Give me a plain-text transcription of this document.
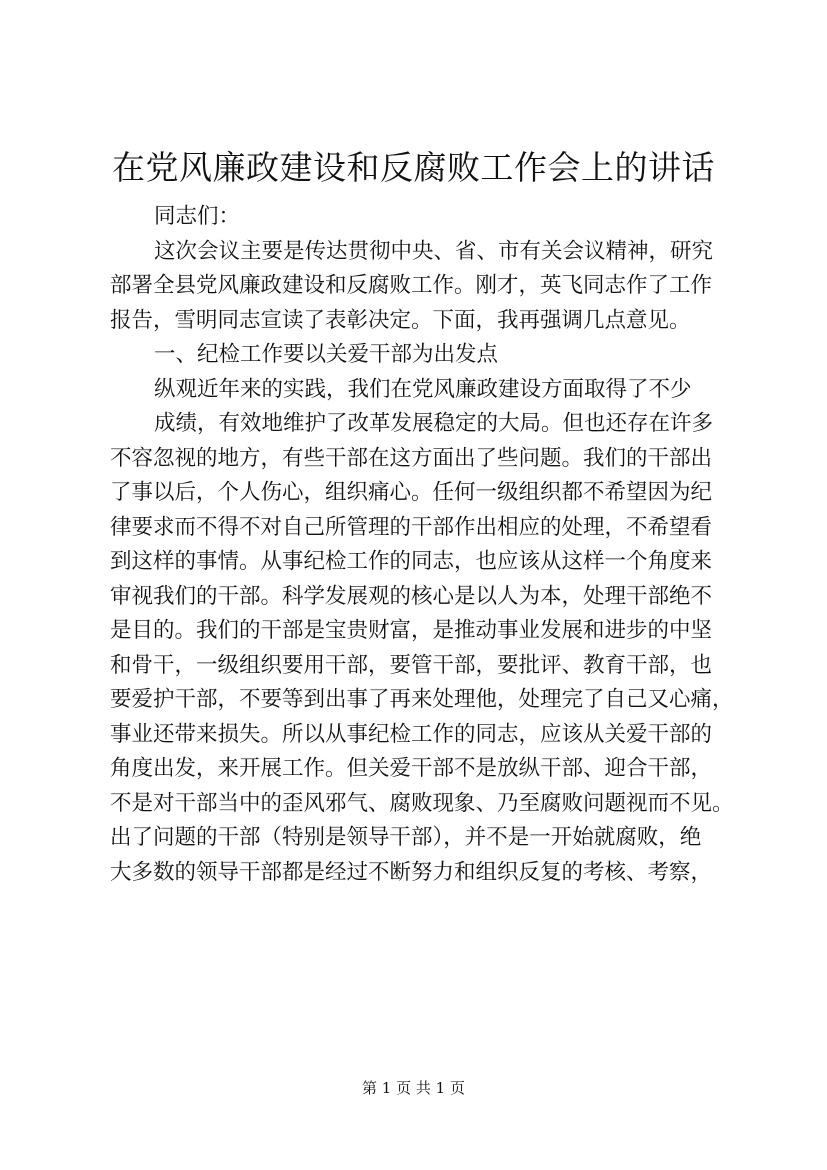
在党风廉政建设和反腐败工作会上的讲话
同志们：
这次会议主要是传达贯彻中央、省、市有关会议精神，研究
部署全县党风廉政建设和反腐败工作。刚才，英飞同志作了工作
报告，雪明同志宣读了表彰决定。下面，我再强调几点意见。
一、纪检工作要以关爱干部为出发点
纵观近年来的实践，我们在党风廉政建设方面取得了不少
成绩，有效地维护了改革发展稳定的大局。但也还存在许多
不容忽视的地方，有些干部在这方面出了些问题。我们的干部出
了事以后，个人伤心，组织痛心。任何一级组织都不希望因为纪
律要求而不得不对自己所管理的干部作出相应的处理，不希望看
到这样的事情。从事纪检工作的同志，也应该从这样一个角度来
审视我们的干部。科学发展观的核心是以人为本，处理干部绝不
是目的。我们的干部是宝贵财富，是推动事业发展和进步的中坚
和骨干，一级组织要用干部，要管干部，要批评、教育干部，也
要爱护干部，不要等到出事了再来处理他，处理完了自己又心痛，
事业还带来损失。所以从事纪检工作的同志，应该从关爱干部的
角度出发，来开展工作。但关爱干部不是放纵干部、迎合干部，
不是对干部当中的歪风邪气、腐败现象、乃至腐败问题视而不见。
出了问题的干部（特别是领导干部），并不是一开始就腐败，绝
大多数的领导干部都是经过不断努力和组织反复的考核、考察，
第 1 页 共 1 页
